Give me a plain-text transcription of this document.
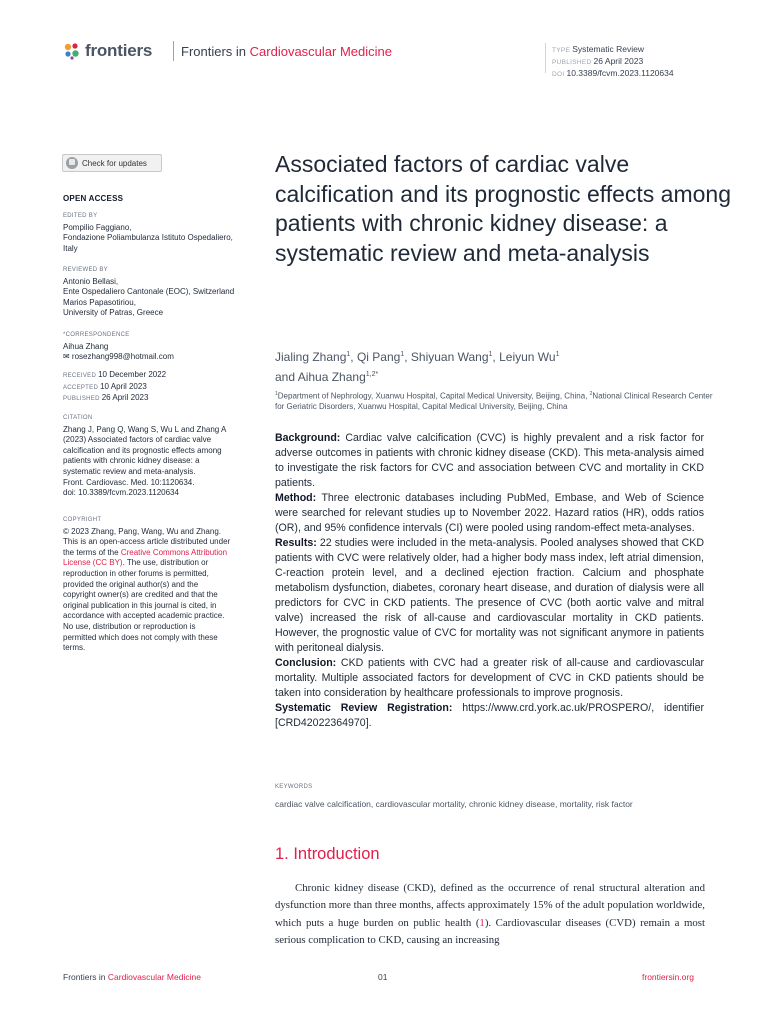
frontiers Frontiers in Cardiovascular Medicine	TYPE Systematic Review
PUBLISHED 26 April 2023
DOI 10.3389/fcvm.2023.1120634
Check for updates
OPEN ACCESS
EDITED BY
Pompilio Faggiano,
Fondazione Poliambulanza Istituto Ospedaliero,
Italy
REVIEWED BY
Antonio Bellasi,
Ente Ospedaliero Cantonale (EOC), Switzerland
Marios Papasotiriou,
University of Patras, Greece
*CORRESPONDENCE
Aihua Zhang
✉ rosezhang998@hotmail.com
RECEIVED 10 December 2022
ACCEPTED 10 April 2023
PUBLISHED 26 April 2023
CITATION
Zhang J, Pang Q, Wang S, Wu L and Zhang A
(2023) Associated factors of cardiac valve
calcification and its prognostic effects among
patients with chronic kidney disease: a
systematic review and meta-analysis.
Front. Cardiovasc. Med. 10:1120634.
doi: 10.3389/fcvm.2023.1120634
COPYRIGHT
© 2023 Zhang, Pang, Wang, Wu and Zhang.
This is an open-access article distributed under
the terms of the Creative Commons Attribution
License (CC BY). The use, distribution or
reproduction in other forums is permitted,
provided the original author(s) and the
copyright owner(s) are credited and that the
original publication in this journal is cited, in
accordance with accepted academic practice.
No use, distribution or reproduction is
permitted which does not comply with these
terms.
Associated factors of cardiac valve calcification and its prognostic effects among patients with chronic kidney disease: a systematic review and meta-analysis
Jialing Zhang$^1$, Qi Pang$^1$, Shiyuan Wang$^1$, Leiyun Wu$^1$
and Aihua Zhang$^{1,2*}$
$^1$Department of Nephrology, Xuanwu Hospital, Capital Medical University, Beijing, China, $^2$National Clinical Research Center for Geriatric Disorders, Xuanwu Hospital, Capital Medical University, Beijing, China

Background: Cardiac valve calcification (CVC) is highly prevalent and a risk factor for adverse outcomes in patients with chronic kidney disease (CKD). This meta-analysis aimed to investigate the risk factors for CVC and association between CVC and mortality in CKD patients.

Method: Three electronic databases including PubMed, Embase, and Web of Science were searched for relevant studies up to November 2022. Hazard ratios (HR), odds ratios (OR), and 95% confidence intervals (CI) were pooled using random-effect meta-analyses.

Results: 22 studies were included in the meta-analysis. Pooled analyses showed that CKD patients with CVC were relatively older, had a higher body mass index, left atrial dimension, C-reaction protein level, and a declined ejection fraction. Calcium and phosphate metabolism dysfunction, diabetes, coronary heart disease, and duration of dialysis were all predictors for CVC in CKD patients. The presence of CVC (both aortic valve and mitral valve) increased the risk of all-cause and cardiovascular mortality in CKD patients. However, the prognostic value of CVC for mortality was not significant anymore in patients with peritoneal dialysis.

Conclusion: CKD patients with CVC had a greater risk of all-cause and cardiovascular mortality. Multiple associated factors for development of CVC in CKD patients should be taken into consideration by healthcare professionals to improve prognosis.

Systematic Review Registration: https://www.crd.york.ac.uk/PROSPERO/, identifier [CRD42022364970].

KEYWORDS
cardiac valve calcification, cardiovascular mortality, chronic kidney disease, mortality, risk factor
1. Introduction

Chronic kidney disease (CKD), defined as the occurrence of renal structural alteration and dysfunction more than three months, affects approximately 15% of the adult population worldwide, which puts a huge burden on public health (1). Cardiovascular diseases (CVD) remain a most serious complication to CKD, causing an increasing

Frontiers in Cardiovascular Medicine	01	frontiersin.org
